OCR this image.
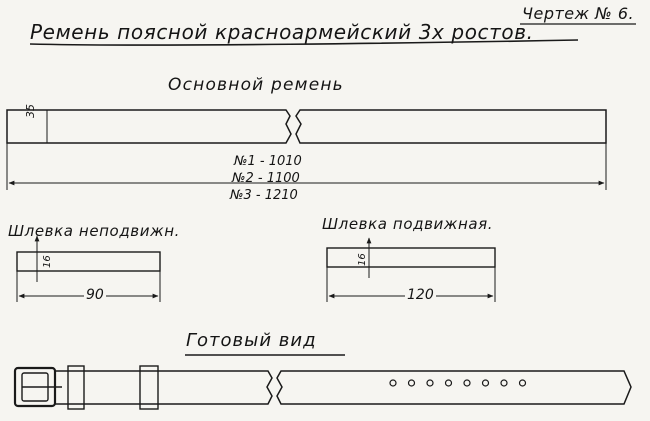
Чертеж № 6.
Ремень поясной красноармейский 3х ростов.
Основной ремень
35
№1 - 1010
№2 - 1100
№3 - 1210
Шлевка неподвижн.
16
90
Шлевка подвижная.
16
120
Готовый вид
